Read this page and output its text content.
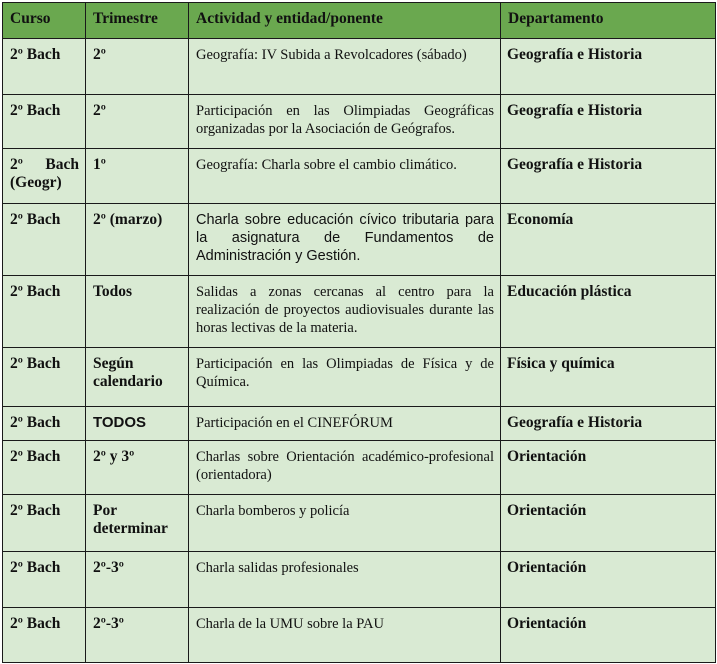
Curso	Trimestre	Actividad y entidad/ponente	Departamento
2º Bach	2º	Geografía: IV Subida a Revolcadores (sábado)	Geografía e Historia
2º Bach	2º	Participación en las Olimpiadas Geográficas organizadas por la Asociación de Geógrafos.	Geografía e Historia
2º Bach (Geogr)	1º	Geografía: Charla sobre el cambio climático.	Geografía e Historia
2º Bach	2º (marzo)	Charla sobre educación cívico tributaria para la asignatura de Fundamentos de Administración y Gestión.	Economía
2º Bach	Todos	Salidas a zonas cercanas al centro para la realización de proyectos audiovisuales durante las horas lectivas de la materia.	Educación plástica
2º Bach	Según calendario	Participación en las Olimpiadas de Física y de Química.	Física y química
2º Bach	TODOS	Participación en el CINEFÓRUM	Geografía e Historia
2º Bach	2º y 3º	Charlas sobre Orientación académico-profesional (orientadora)	Orientación
2º Bach	Por determinar	Charla bomberos y policía	Orientación
2º Bach	2º-3º	Charla salidas profesionales	Orientación
2º Bach	2º-3º	Charla de la UMU sobre la PAU	Orientación
